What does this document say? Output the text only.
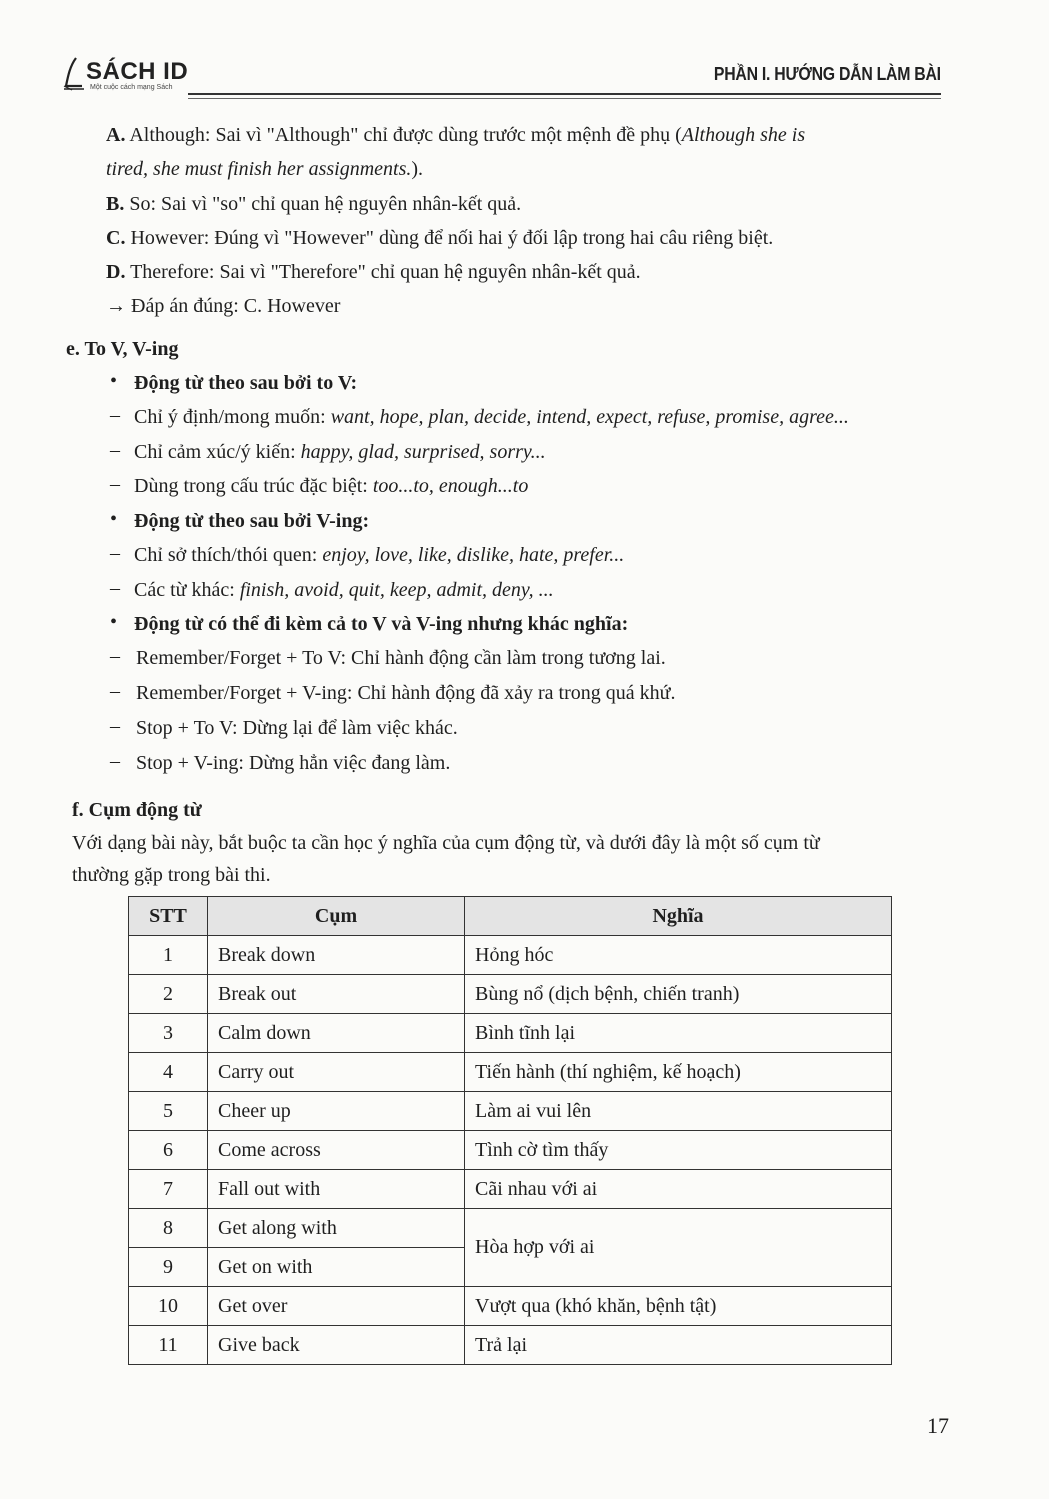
SÁCH ID
Một cuộc cách mạng Sách
PHẦN I. HƯỚNG DẪN LÀM BÀI
A. Although: Sai vì "Although" chỉ được dùng trước một mệnh đề phụ (Although she is
tired, she must finish her assignments.).
B. So: Sai vì "so" chỉ quan hệ nguyên nhân-kết quả.
C. However: Đúng vì "However" dùng để nối hai ý đối lập trong hai câu riêng biệt.
D. Therefore: Sai vì "Therefore" chỉ quan hệ nguyên nhân-kết quả.
→ Đáp án đúng: C. However
e. To V, V-ing
• Động từ theo sau bởi to V:
– Chỉ ý định/mong muốn: want, hope, plan, decide, intend, expect, refuse, promise, agree...
– Chỉ cảm xúc/ý kiến: happy, glad, surprised, sorry...
– Dùng trong cấu trúc đặc biệt: too...to, enough...to
• Động từ theo sau bởi V-ing:
– Chỉ sở thích/thói quen: enjoy, love, like, dislike, hate, prefer...
– Các từ khác: finish, avoid, quit, keep, admit, deny, ...
• Động từ có thể đi kèm cả to V và V-ing nhưng khác nghĩa:
– Remember/Forget + To V: Chỉ hành động cần làm trong tương lai.
– Remember/Forget + V-ing: Chỉ hành động đã xảy ra trong quá khứ.
– Stop + To V: Dừng lại để làm việc khác.
– Stop + V-ing: Dừng hẳn việc đang làm.
f. Cụm động từ
Với dạng bài này, bắt buộc ta cần học ý nghĩa của cụm động từ, và dưới đây là một số cụm từ
thường gặp trong bài thi.
STT	Cụm	Nghĩa
1	Break down	Hỏng hóc
2	Break out	Bùng nổ (dịch bệnh, chiến tranh)
3	Calm down	Bình tĩnh lại
4	Carry out	Tiến hành (thí nghiệm, kế hoạch)
5	Cheer up	Làm ai vui lên
6	Come across	Tình cờ tìm thấy
7	Fall out with	Cãi nhau với ai
8	Get along with	Hòa hợp với ai
9	Get on with	
10	Get over	Vượt qua (khó khăn, bệnh tật)
11	Give back	Trả lại
17
